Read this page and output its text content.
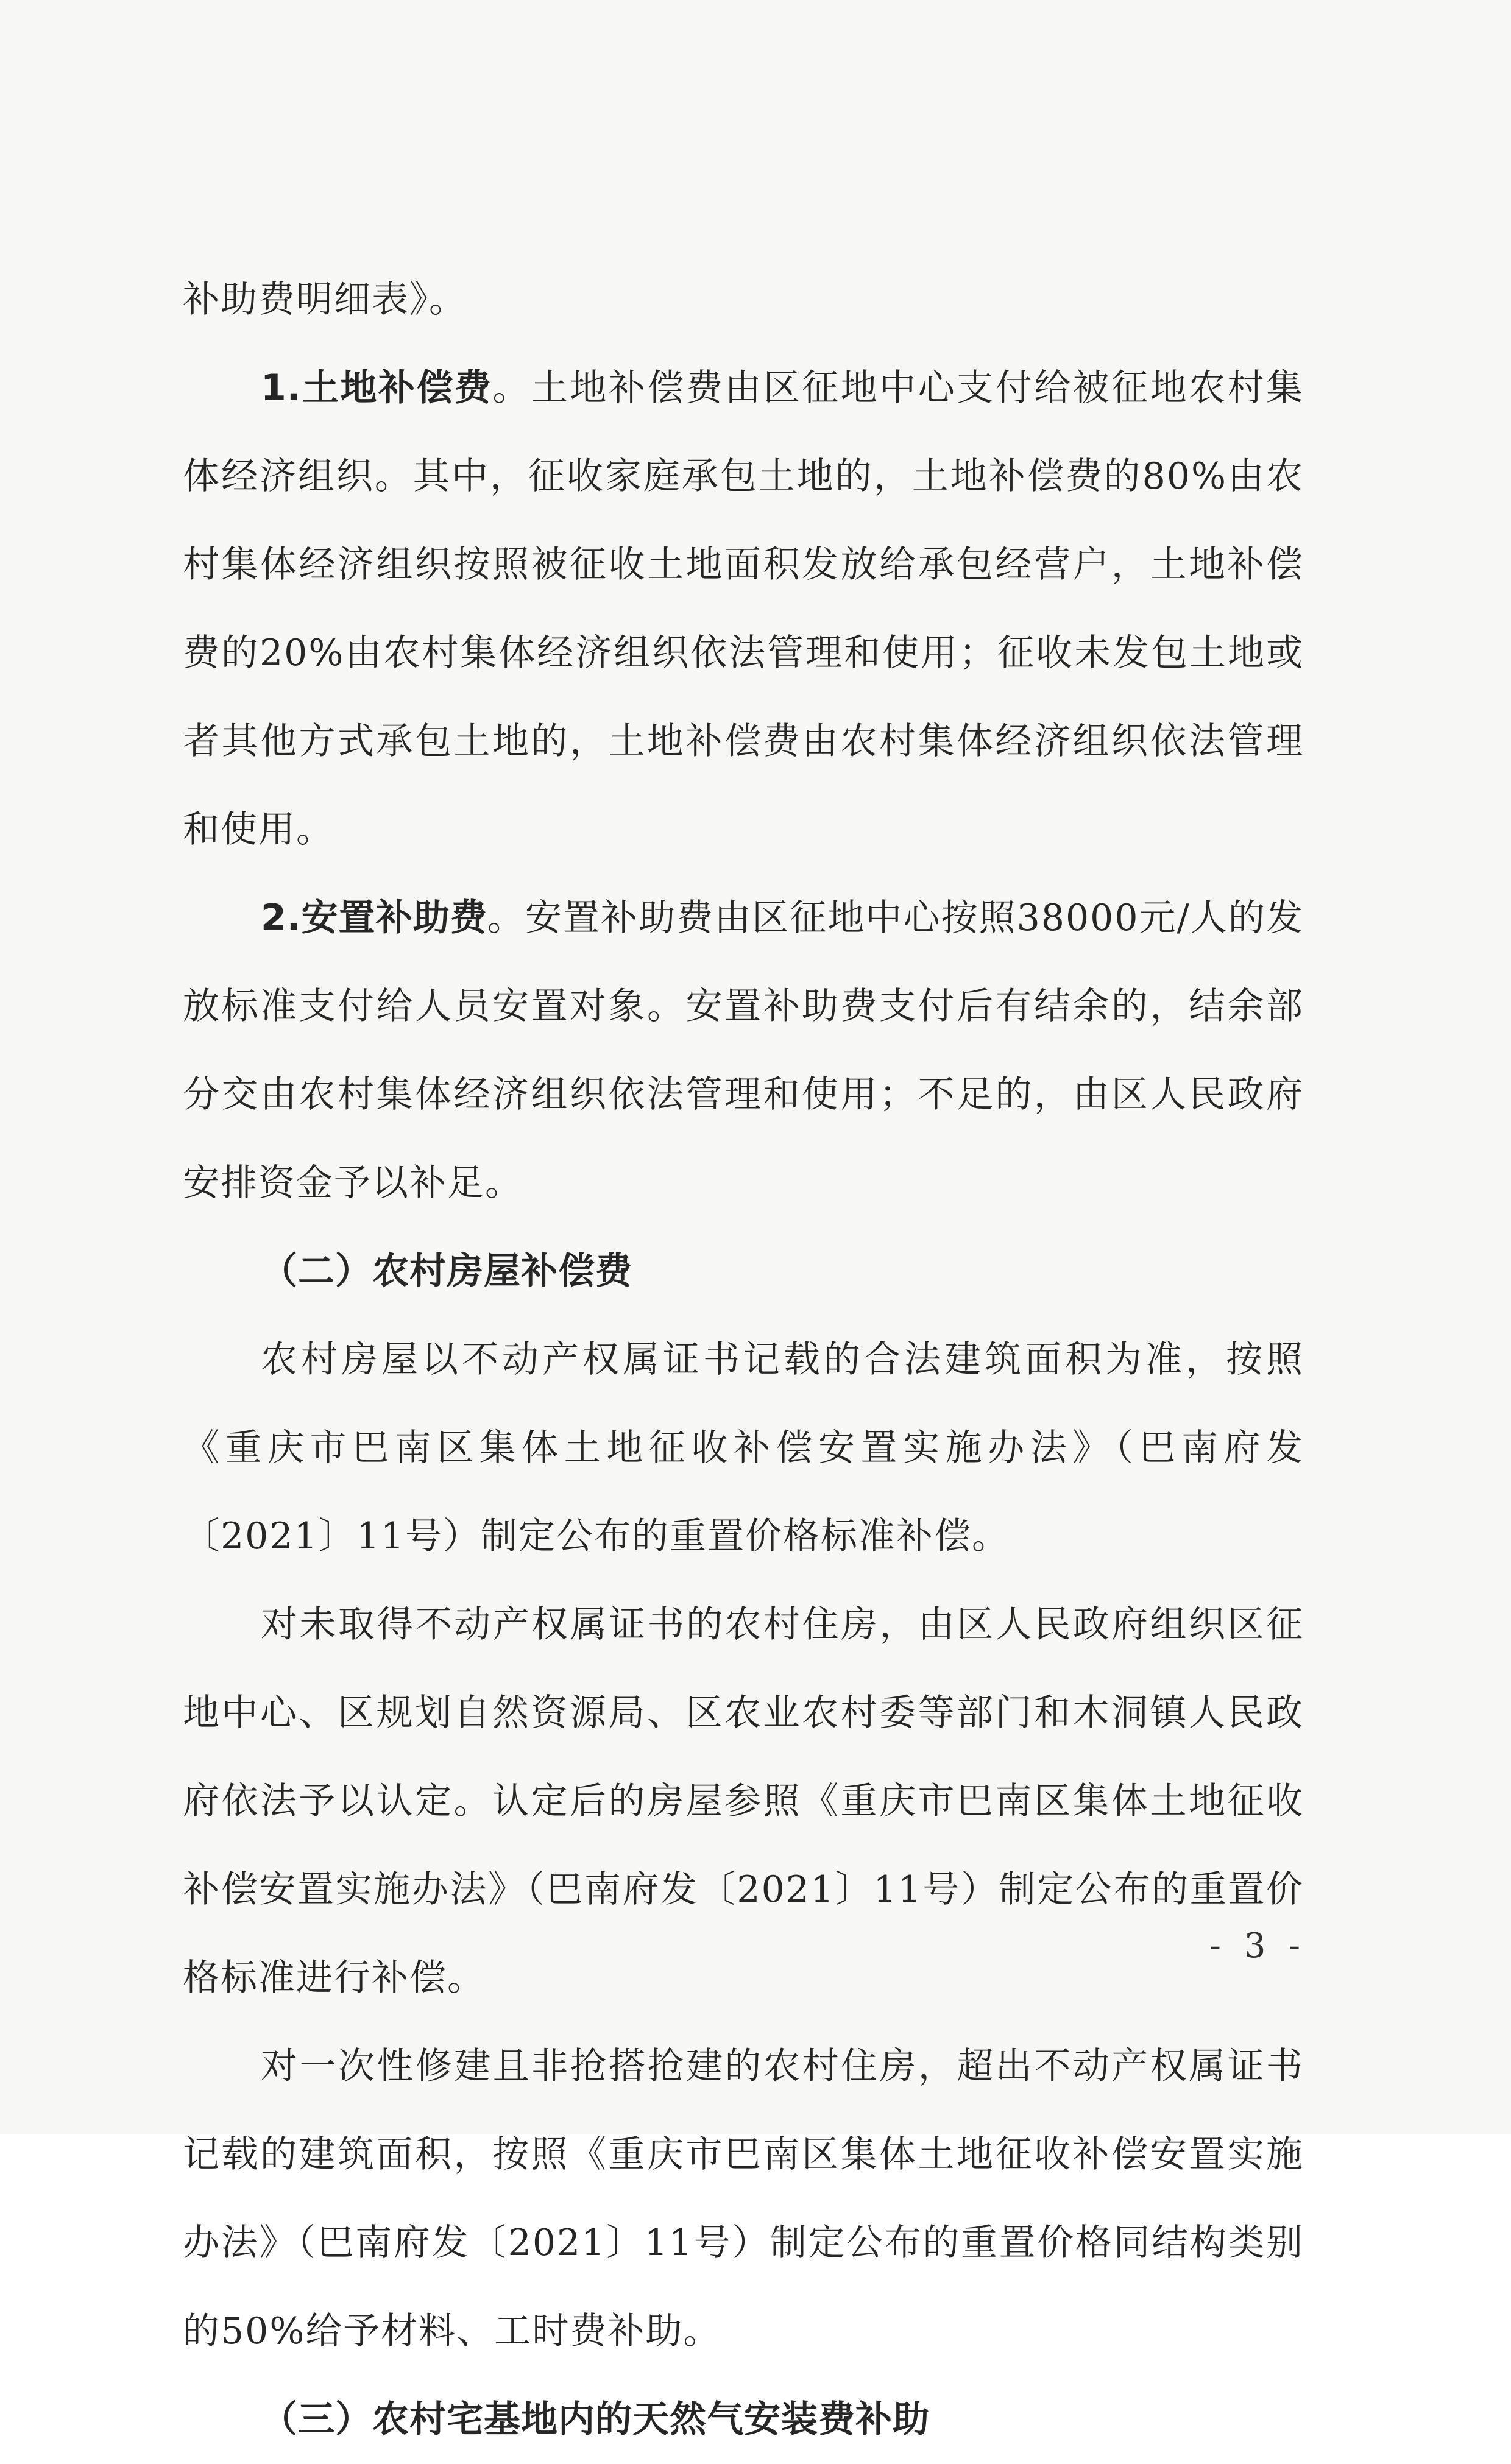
补助费明细表》。

1.土地补偿费。土地补偿费由区征地中心支付给被征地农村集体经济组织。其中，征收家庭承包土地的，土地补偿费的80%由农村集体经济组织按照被征收土地面积发放给承包经营户，土地补偿费的20%由农村集体经济组织依法管理和使用；征收未发包土地或者其他方式承包土地的，土地补偿费由农村集体经济组织依法管理和使用。

2.安置补助费。安置补助费由区征地中心按照38000元/人的发放标准支付给人员安置对象。安置补助费支付后有结余的，结余部分交由农村集体经济组织依法管理和使用；不足的，由区人民政府安排资金予以补足。

（二）农村房屋补偿费

农村房屋以不动产权属证书记载的合法建筑面积为准，按照《重庆市巴南区集体土地征收补偿安置实施办法》（巴南府发〔2021〕11号）制定公布的重置价格标准补偿。

对未取得不动产权属证书的农村住房，由区人民政府组织区征地中心、区规划自然资源局、区农业农村委等部门和木洞镇人民政府依法予以认定。认定后的房屋参照《重庆市巴南区集体土地征收补偿安置实施办法》（巴南府发〔2021〕11号）制定公布的重置价格标准进行补偿。

对一次性修建且非抢搭抢建的农村住房，超出不动产权属证书记载的建筑面积，按照《重庆市巴南区集体土地征收补偿安置实施办法》（巴南府发〔2021〕11号）制定公布的重置价格同结构类别的50%给予材料、工时费补助。

（三）农村宅基地内的天然气安装费补助

- 3 -
